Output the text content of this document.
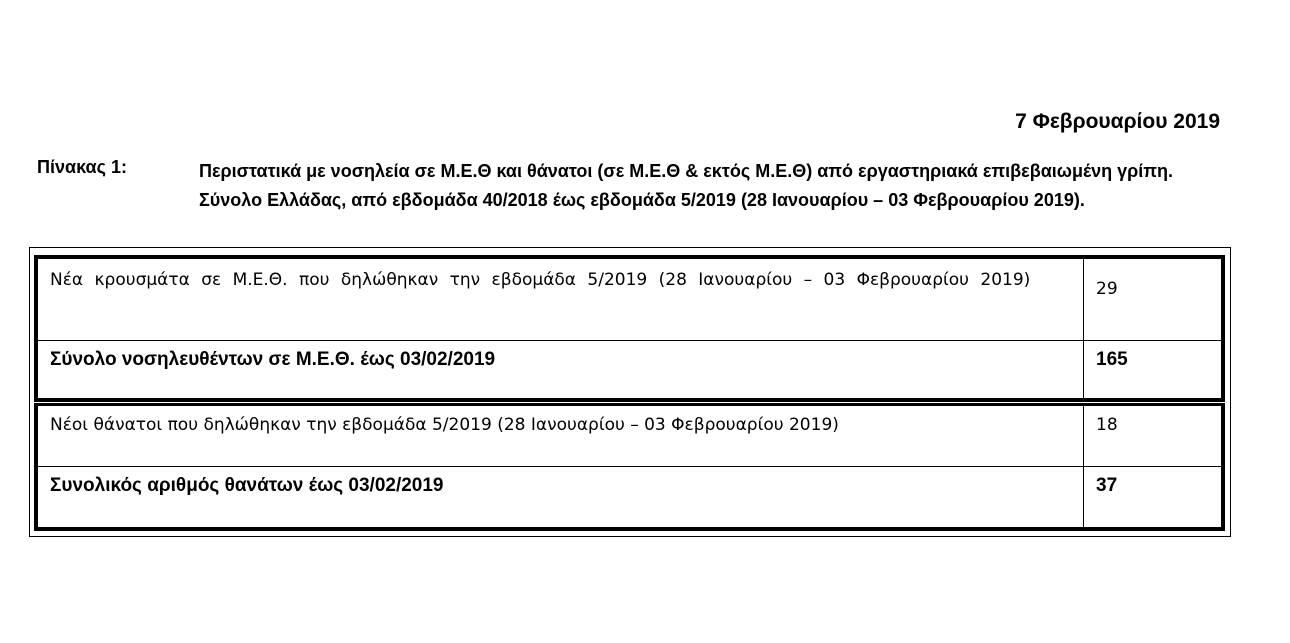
7 Φεβρουαρίου 2019
Πίνακας 1:	Περιστατικά με νοσηλεία σε Μ.Ε.Θ και θάνατοι (σε Μ.Ε.Θ & εκτός Μ.Ε.Θ) από εργαστηριακά επιβεβαιωμένη γρίπη. Σύνολο Ελλάδας, από εβδομάδα 40/2018 έως εβδομάδα 5/2019 (28 Ιανουαρίου – 03 Φεβρουαρίου 2019).
Νέα κρουσμάτα σε Μ.Ε.Θ. που δηλώθηκαν την εβδομάδα 5/2019 (28 Ιανουαρίου – 03 Φεβρουαρίου 2019)	29
Σύνολο νοσηλευθέντων σε Μ.Ε.Θ. έως 03/02/2019	165
Νέοι θάνατοι που δηλώθηκαν την εβδομάδα 5/2019 (28 Ιανουαρίου – 03 Φεβρουαρίου 2019)	18
Συνολικός αριθμός θανάτων έως 03/02/2019	37
